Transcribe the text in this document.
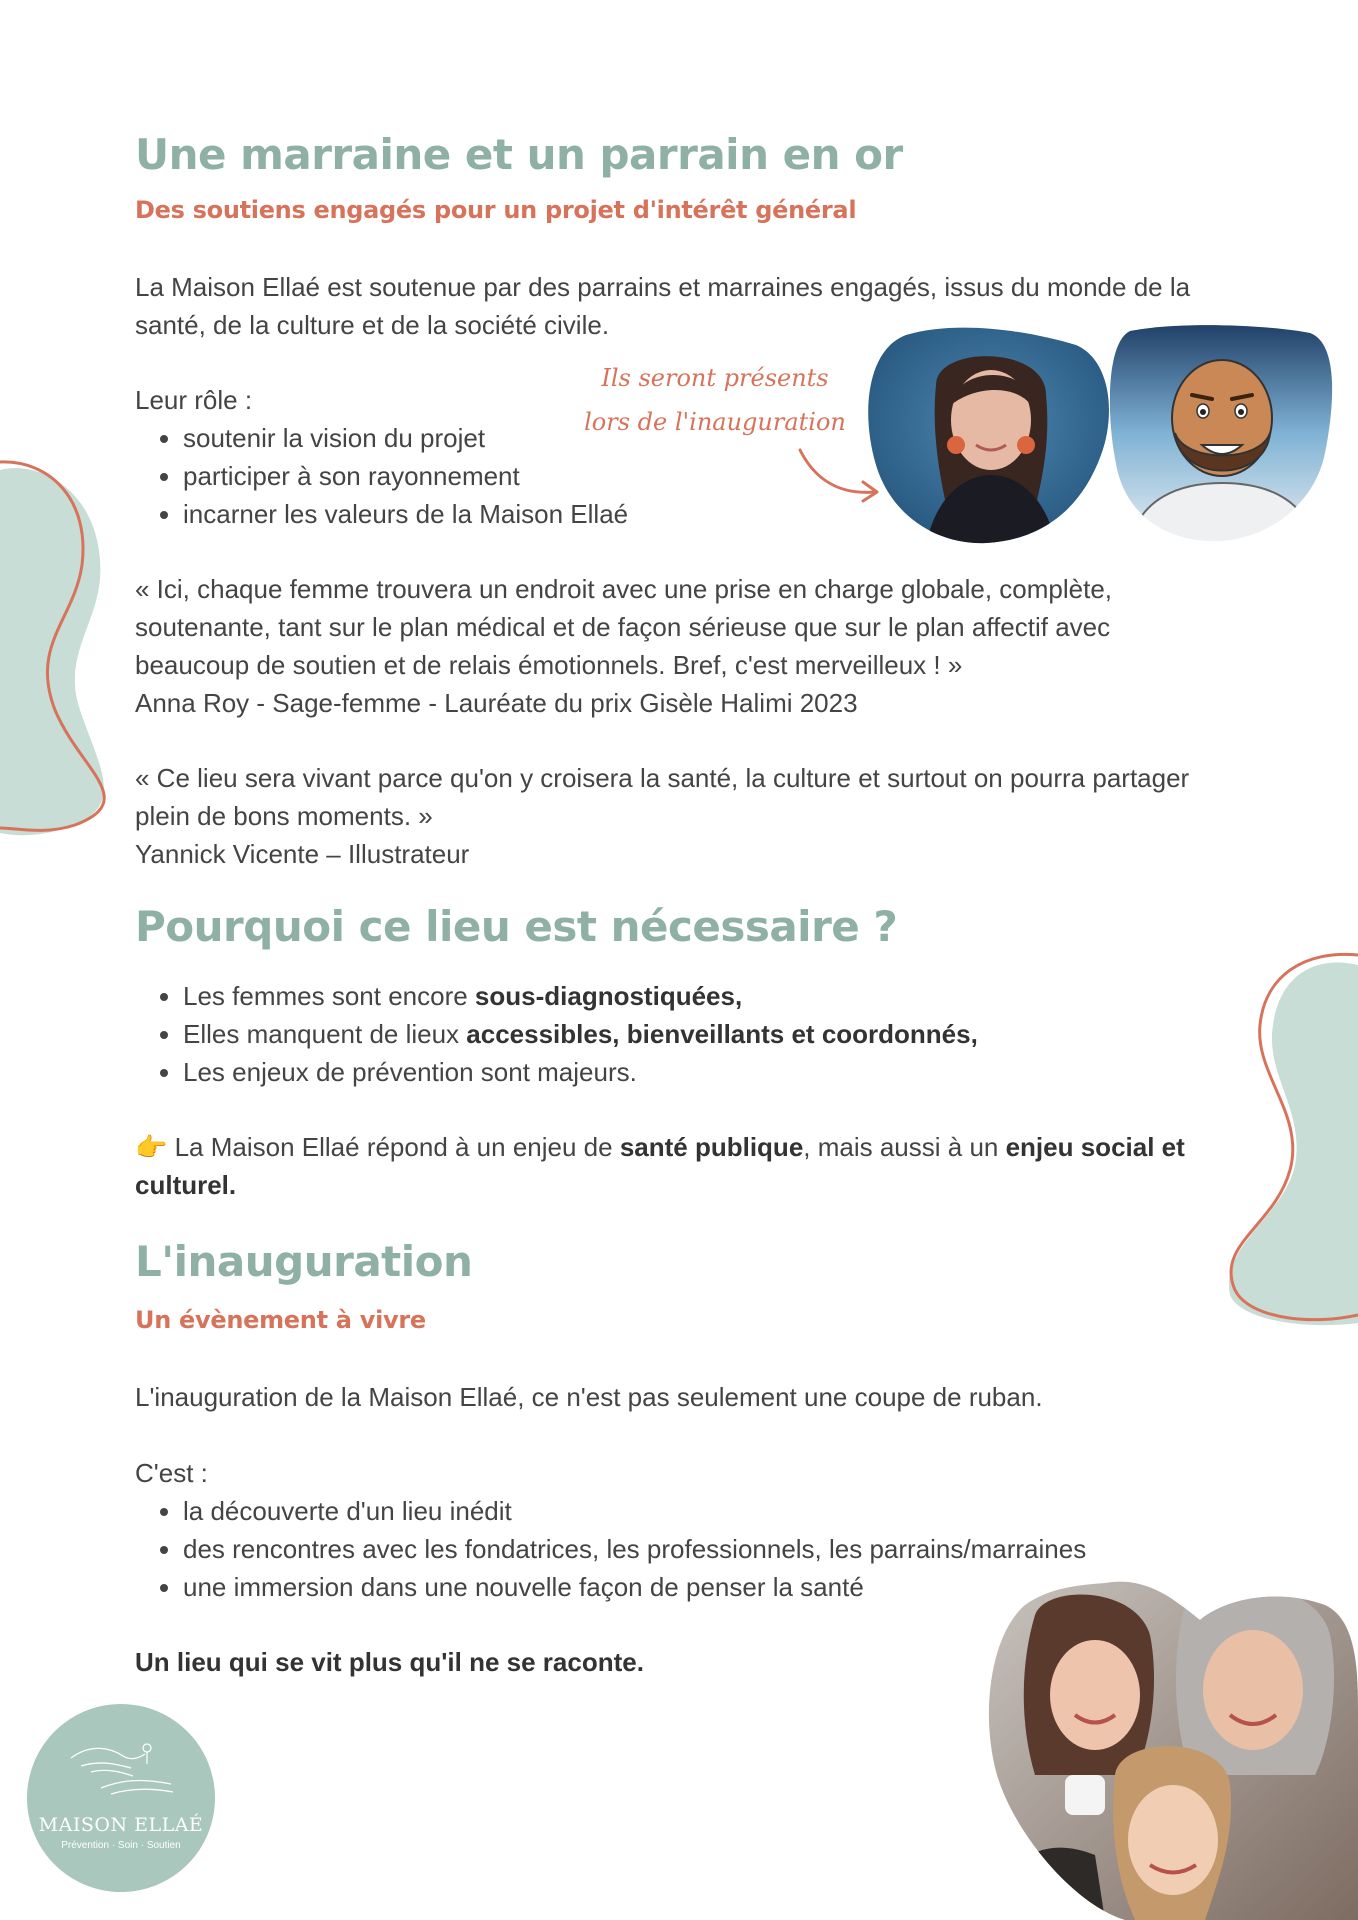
Une marraine et un parrain en or
Des soutiens engagés pour un projet d'intérêt général

La Maison Ellaé est soutenue par des parrains et marraines engagés, issus du monde de la santé, de la culture et de la société civile.

Leur rôle :

• soutenir la vision du projet
• participer à son rayonnement
• incarner les valeurs de la Maison Ellaé
Ils seront présents
lors de l'inauguration

« Ici, chaque femme trouvera un endroit avec une prise en charge globale, complète, soutenante, tant sur le plan médical et de façon sérieuse que sur le plan affectif avec beaucoup de soutien et de relais émotionnels. Bref, c'est merveilleux ! »

Anna Roy - Sage-femme - Lauréate du prix Gisèle Halimi 2023

« Ce lieu sera vivant parce qu'on y croisera la santé, la culture et surtout on pourra partager plein de bons moments. »

Yannick Vicente – Illustrateur

Pourquoi ce lieu est nécessaire ?
• Les femmes sont encore sous-diagnostiquées,
• Elles manquent de lieux accessibles, bienveillants et coordonnés,
• Les enjeux de prévention sont majeurs.

👉 La Maison Ellaé répond à un enjeu de santé publique, mais aussi à un enjeu social et culturel.

L'inauguration
Un évènement à vivre

L'inauguration de la Maison Ellaé, ce n'est pas seulement une coupe de ruban.

C'est :

• la découverte d'un lieu inédit
• des rencontres avec les fondatrices, les professionnels, les parrains/marraines
• une immersion dans une nouvelle façon de penser la santé

Un lieu qui se vit plus qu'il ne se raconte.

MAISON ELLAÉ
Prévention · Soin · Soutien
